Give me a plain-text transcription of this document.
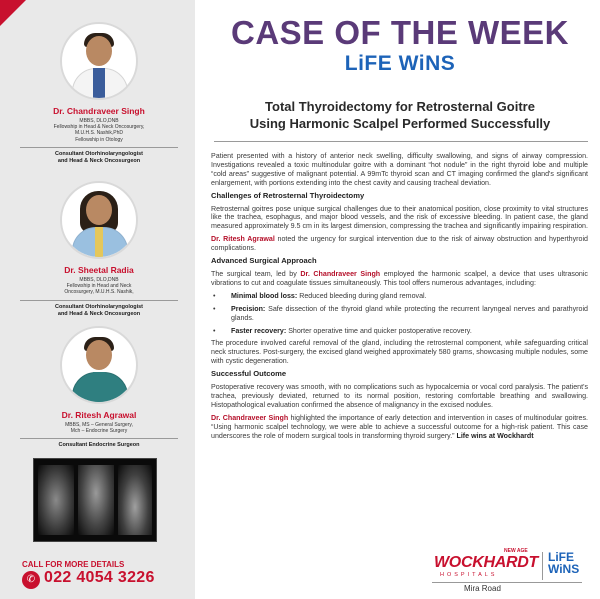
Dr. Chandraveer Singh
MBBS, DLO,DNB
Fellowship in Head & Neck Oncosurgery,
M.U.H.S. Nashik,PhD
Fellowship in Otology
Consultant Otorhinolaryngologist
and Head & Neck Oncosurgeon
Dr. Sheetal Radia
MBBS, DLO,DNB
Fellowship in Head and Neck
Oncosurgery, M.U.H.S. Nashik,
Consultant Otorhinolaryngologist
and Head & Neck Oncosurgeon
Dr. Ritesh Agrawal
MBBS, MS – General Surgery,
Mch – Endocrine Surgery
Consultant Endocrine Surgeon
CALL FOR MORE DETAILS
✆ 022 4054 3226
CASE OF THE WEEK
LiFE WiNS
Total Thyroidectomy for Retrosternal Goitre
Using Harmonic Scalpel Performed Successfully

Patient presented with a history of anterior neck swelling, difficulty swallowing, and signs of airway compression. Investigations revealed a toxic multinodular goitre with a dominant “hot nodule” in the right thyroid lobe and multiple “cold areas” suggestive of malignant potential. A 99mTc thyroid scan and CT imaging confirmed the gland's significant enlargement, with portions extending into the chest cavity and causing tracheal deviation.

Challenges of Retrosternal Thyroidectomy

Retrosternal goitres pose unique surgical challenges due to their anatomical position, close proximity to vital structures like the trachea, esophagus, and major blood vessels, and the risk of excessive bleeding. In patient case, the gland measured approximately 9.5 cm in its largest dimension, compressing the trachea and significantly impairing respiration.

Dr. Ritesh Agrawal noted the urgency for surgical intervention due to the risk of airway obstruction and hyperthyroid complications.

Advanced Surgical Approach

The surgical team, led by Dr. Chandraveer Singh employed the harmonic scalpel, a device that uses ultrasonic vibrations to cut and coagulate tissues simultaneously. This tool offers numerous advantages, including:

• Minimal blood loss: Reduced bleeding during gland removal.
• Precision: Safe dissection of the thyroid gland while protecting the recurrent laryngeal nerves and parathyroid glands.
• Faster recovery: Shorter operative time and quicker postoperative recovery.

The procedure involved careful removal of the gland, including the retrosternal component, while safeguarding critical neck structures. Post-surgery, the excised gland weighed approximately 580 grams, showcasing multiple nodules, some with cystic degeneration.

Successful Outcome

Postoperative recovery was smooth, with no complications such as hypocalcemia or vocal cord paralysis. The patient's trachea, previously deviated, returned to its normal position, restoring comfortable breathing and swallowing. Histopathological evaluation confirmed the absence of malignancy in the excised nodules.

Dr. Chandraveer Singh highlighted the importance of early detection and intervention in cases of multinodular goitres. “Using harmonic scalpel technology, we were able to achieve a successful outcome for a high-risk patient. This case underscores the role of modern surgical tools in transforming thyroid surgery.” Life wins at Wockhardt

NEW AGE
WOCKHARDT
HOSPITALS
LiFE
WiNS
Mira Road
